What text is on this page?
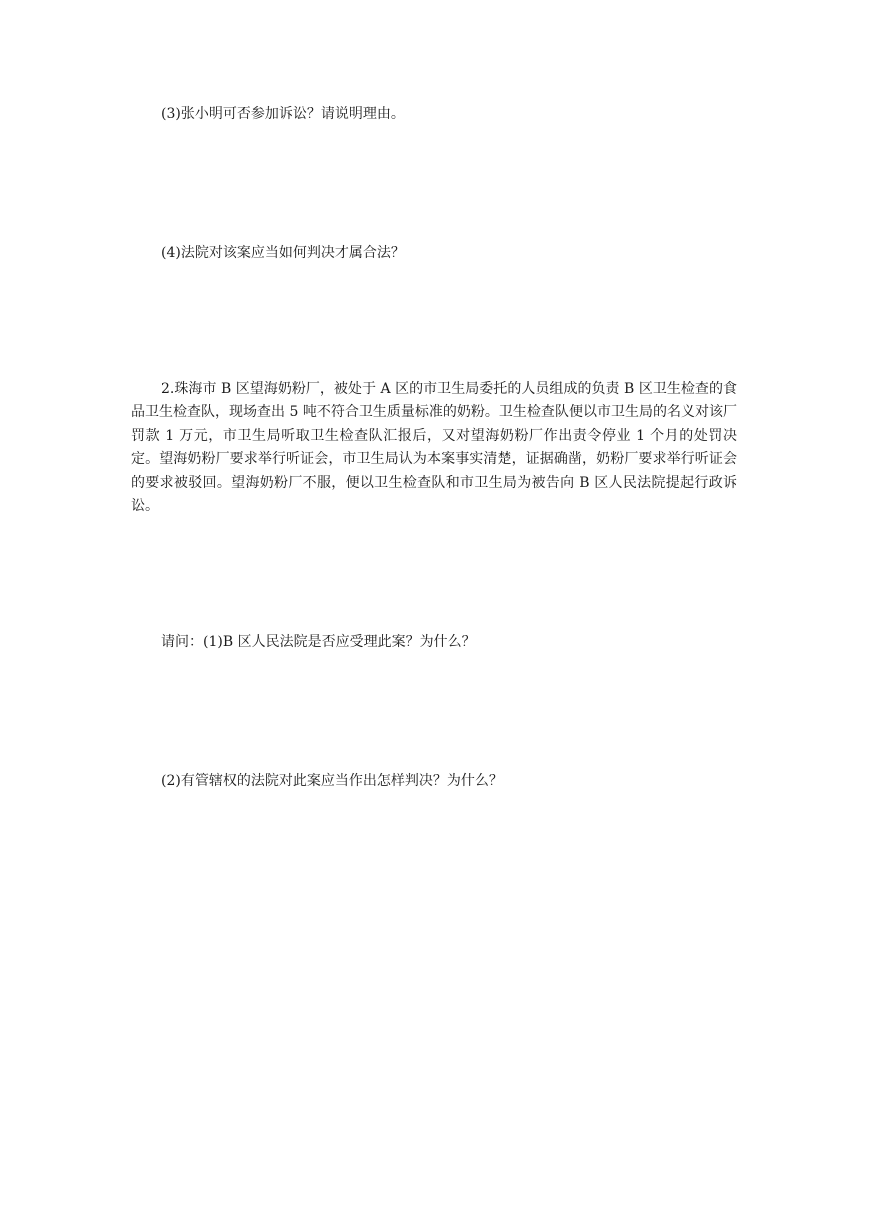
(3)张小明可否参加诉讼？请说明理由。
(4)法院对该案应当如何判决才属合法？
2.珠海市 B 区望海奶粉厂，被处于 A 区的市卫生局委托的人员组成的负责 B 区卫生检查的食品卫生检查队，现场查出 5 吨不符合卫生质量标准的奶粉。卫生检查队便以市卫生局的名义对该厂罚款 1 万元，市卫生局听取卫生检查队汇报后，又对望海奶粉厂作出责令停业 1 个月的处罚决定。望海奶粉厂要求举行听证会，市卫生局认为本案事实清楚，证据确凿，奶粉厂要求举行听证会的要求被驳回。望海奶粉厂不服，便以卫生检查队和市卫生局为被告向 B 区人民法院提起行政诉讼。
请问：(1)B 区人民法院是否应受理此案？为什么？
(2)有管辖权的法院对此案应当作出怎样判决？为什么？
